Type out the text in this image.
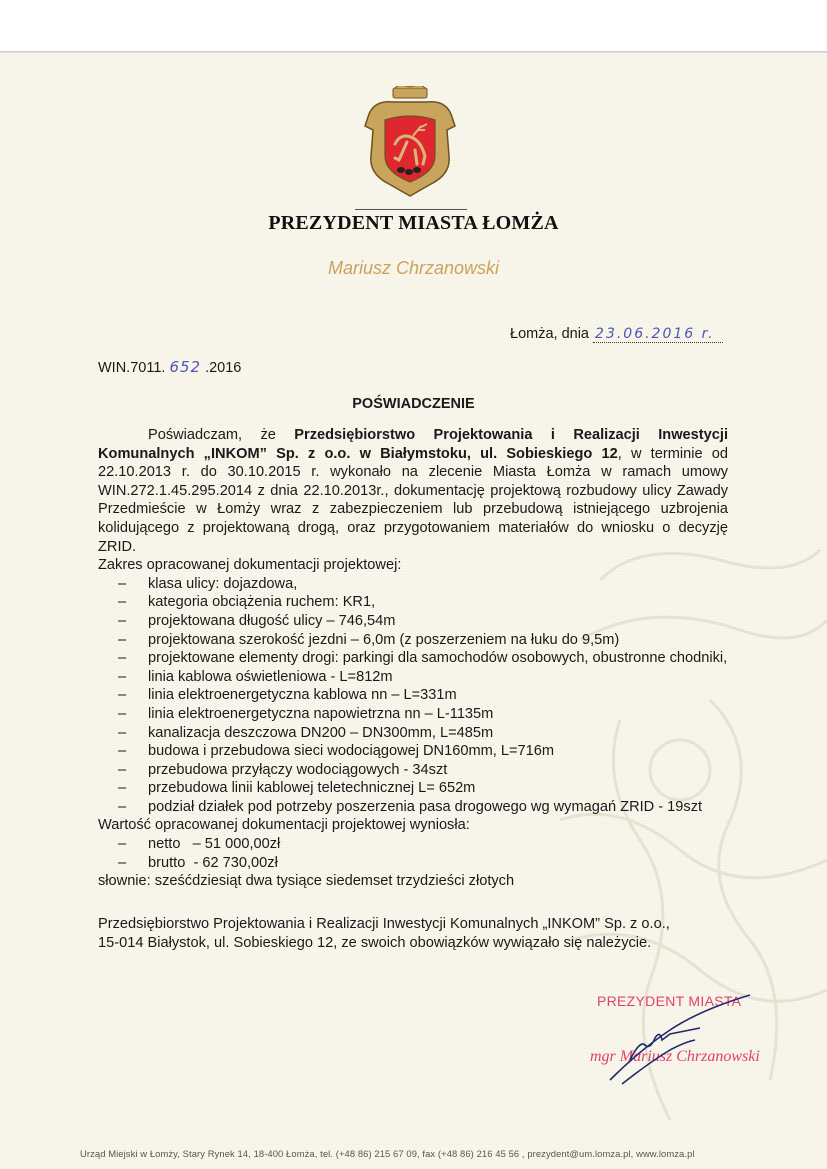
PREZYDENT MIASTA ŁOMŻA
Mariusz Chrzanowski
Łomża, dnia 23.06.2016 r.
WIN.7011. 652 .2016
POŚWIADCZENIE

Poświadczam, że Przedsiębiorstwo Projektowania i Realizacji Inwestycji Komunalnych „INKOM” Sp. z o.o. w Białymstoku, ul. Sobieskiego 12, w terminie od 22.10.2013 r. do 30.10.2015 r. wykonało na zlecenie Miasta Łomża w ramach umowy WIN.272.1.45.295.2014 z dnia 22.10.2013r., dokumentację projektową rozbudowy ulicy Zawady Przedmieście w Łomży wraz z zabezpieczeniem lub przebudową istniejącego uzbrojenia kolidującego z projektowaną drogą, oraz przygotowaniem materiałów do wniosku o decyzję ZRID.

Zakres opracowanej dokumentacji projektowej:

– klasa ulicy: dojazdowa,
– kategoria obciążenia ruchem: KR1,
– projektowana długość ulicy – 746,54m
– projektowana szerokość jezdni – 6,0m (z poszerzeniem na łuku do 9,5m)
– projektowane elementy drogi: parkingi dla samochodów osobowych, obustronne chodniki,
– linia kablowa oświetleniowa - L=812m
– linia elektroenergetyczna kablowa nn – L=331m
– linia elektroenergetyczna napowietrzna nn – L-1135m
– kanalizacja deszczowa DN200 – DN300mm, L=485m
– budowa i przebudowa sieci wodociągowej DN160mm, L=716m
– przebudowa przyłączy wodociągowych - 34szt
– przebudowa linii kablowej teletechnicznej L= 652m
– podział działek pod potrzeby poszerzenia pasa drogowego wg wymagań ZRID - 19szt

Wartość opracowanej dokumentacji projektowej wyniosła:

– netto – 51 000,00zł
– brutto - 62 730,00zł

słownie: sześćdziesiąt dwa tysiące siedemset trzydzieści złotych

Przedsiębiorstwo Projektowania i Realizacji Inwestycji Komunalnych „INKOM” Sp. z o.o.,

15-014 Białystok, ul. Sobieskiego 12, ze swoich obowiązków wywiązało się należycie.

PREZYDENT MIASTA
mgr Mariusz Chrzanowski
Urząd Miejski w Łomży, Stary Rynek 14, 18-400 Łomża, tel. (+48 86) 215 67 09, fax (+48 86) 216 45 56 , prezydent@um.lomza.pl, www.lomza.pl
